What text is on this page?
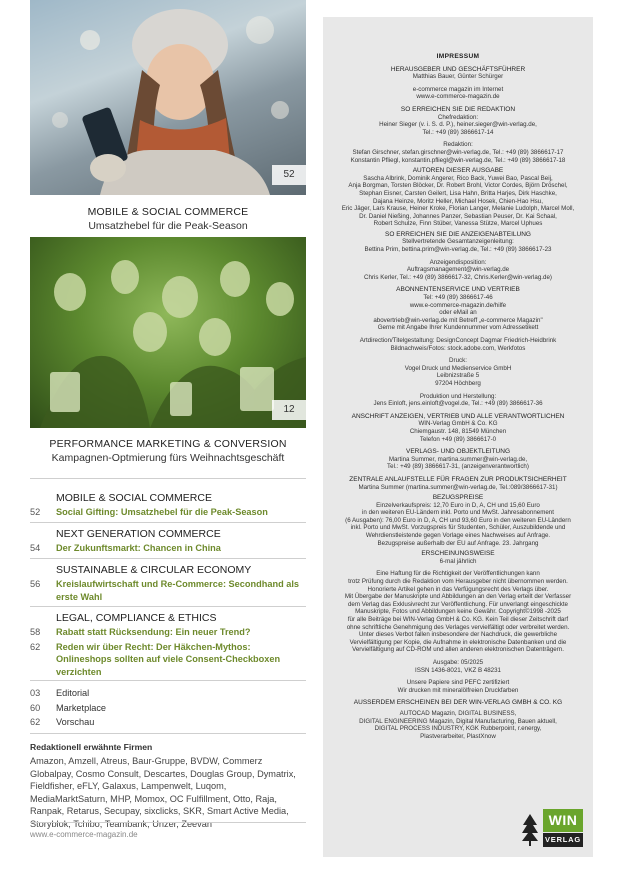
52
MOBILE & SOCIAL COMMERCE
Umsatzhebel für die Peak-Season
12
PERFORMANCE MARKETING & CONVERSION
Kampagnen-Optmierung fürs Weihnachtsgeschäft
MOBILE & SOCIAL COMMERCE
52	Social Gifting: Umsatzhebel für die Peak-Season
NEXT GENERATION COMMERCE
54	Der Zukunftsmarkt: Chancen in China
SUSTAINABLE & CIRCULAR ECONOMY
56	Kreislaufwirtschaft und Re-Commerce: Secondhand als erste Wahl
LEGAL, COMPLIANCE & ETHICS
58	Rabatt statt Rücksendung: Ein neuer Trend?
62	Reden wir über Recht: Der Häkchen-Mythos: Onlineshops sollten auf viele Consent-Checkboxen verzichten
03	Editorial
60	Marketplace
62	Vorschau
Redaktionell erwähnte Firmen
Amazon, Amzell, Atreus, Baur-Gruppe, BVDW, Commerz Globalpay, Cosmo Consult, Descartes, Douglas Group, Dymatrix, Fieldfisher, eFLY, Galaxus, Lampenwelt, Luqom, MediaMarktSaturn, MHP, Momox, OC Fulfillment, Otto, Raja, Ranpak, Retarus, Secupay, sixclicks, SKR, Smart Active Media, Storyblok, Tchibo, Teambank, Unzer, Zeevan
www.e-commerce-magazin.de
IMPRESSUM
HERAUSGEBER UND GESCHÄFTSFÜHRER
Matthias Bauer, Günter Schürger
e-commerce magazin im Internet
www.e-commerce-magazin.de
SO ERREICHEN SIE DIE REDAKTION
Chefredaktion:
Heiner Sieger (v. i. S. d. P.), heiner.sieger@win-verlag.de,
Tel.: +49 (89) 3866617-14
Redaktion:
Stefan Girschner, stefan.girschner@win-verlag.de, Tel.: +49 (89) 3866617-17
Konstantin Pfliegl, konstantin.pfliegl@win-verlag.de, Tel.: +49 (89) 3866617-18
AUTOREN DIESER AUSGABE
Sascha Albrink, Dominik Angerer, Rico Back, Yuwei Bao, Pascal Beij,
Anja Borgman, Torsten Blöcker, Dr. Robert Brohl, Victor Cordes, Björn Dröschel,
Stephan Eisner, Carsten Geilert, Lisa Hahn, Britta Harjes, Dirk Haschke,
Dajana Heinze, Moritz Heller, Michael Hosek, Chien-Hao Hsu,
Eric Jäger, Lars Krause, Heiner Kroke, Florian Langer, Melanie Ludolph, Marcel Moll,
Dr. Daniel Nießing, Johannes Panzer, Sebastian Peuser, Dr. Kai Schaal,
Robert Schulze, Finn Stüber, Vanessa Stütze, Marcel Uphues
SO ERREICHEN SIE DIE ANZEIGENABTEILUNG
Stellvertretende Gesamtanzeigenleitung:
Bettina Prim, bettina.prim@win-verlag.de, Tel.: +49 (89) 3866617-23
Anzeigendisposition:
Auftragsmanagement@win-verlag.de
Chris Kerler, Tel.: +49 (89) 3866617-32, Chris.Kerler@win-verlag.de)
ABONNENTENSERVICE UND VERTRIEB
Tel: +49 (89) 3866617-46
www.e-commerce-magazin.de/hilfe
oder eMail an
abovertrieb@win-verlag.de mit Betreff „e-commerce Magazin"
Gerne mit Angabe Ihrer Kundennummer vom Adressetikett
Artdirection/Titelgestaltung: DesignConcept Dagmar Friedrich-Heidbrink
Bildnachweis/Fotos: stock.adobe.com, Werkfotos
Druck:
Vogel Druck und Medienservice GmbH
Leibnizstraße 5
97204 Höchberg
Produktion und Herstellung:
Jens Einloft, jens.einloft@vogel.de, Tel.: +49 (89) 3866617-36
ANSCHRIFT ANZEIGEN, VERTRIEB UND ALLE VERANTWORTLICHEN
WIN-Verlag GmbH & Co. KG
Chiemgaustr. 148, 81549 München
Telefon +49 (89) 3866617-0
VERLAGS- UND OBJEKTLEITUNG
Martina Summer, martina.summer@win-verlag.de,
Tel.: +49 (89) 3866617-31, (anzeigenverantwortlich)
ZENTRALE ANLAUFSTELLE FÜR FRAGEN ZUR PRODUKTSICHERHEIT
Martina Summer (martina.summer@win-verlag.de, Tel.:089/3866617-31)
BEZUGSPREISE
Einzelverkaufspreis: 12,70 Euro in D, A, CH und 15,60 Euro
in den weiteren EU-Ländern inkl. Porto und MwSt. Jahresabonnement
(6 Ausgaben): 76,00 Euro in D, A, CH und 93,60 Euro in den weiteren EU-Ländern
inkl. Porto und MwSt. Vorzugspreis für Studenten, Schüler, Auszubildende und
Wehrdienstleistende gegen Vorlage eines Nachweises auf Anfrage.
Bezugspreise außerhalb der EU auf Anfrage. 23. Jahrgang
ERSCHEINUNGSWEISE
6-mal jährlich
Eine Haftung für die Richtigkeit der Veröffentlichungen kann
trotz Prüfung durch die Redaktion vom Herausgeber nicht übernommen werden.
Honorierte Artikel gehen in das Verfügungsrecht des Verlags über.
Mit Übergabe der Manuskripte und Abbildungen an den Verlag erteilt der Verfasser
dem Verlag das Exklusivrecht zur Veröffentlichung. Für unverlangt eingeschickte
Manuskripte, Fotos und Abbildungen keine Gewähr. Copyright©1998 -2025
für alle Beiträge bei WIN-Verlag GmbH & Co. KG. Kein Teil dieser Zeitschrift darf
ohne schriftliche Genehmigung des Verlages vervielfältigt oder verbreitet werden.
Unter dieses Verbot fallen insbesondere der Nachdruck, die gewerbliche
Vervielfältigung per Kopie, die Aufnahme in elektronische Datenbanken und die
Vervielfältigung auf CD-ROM und allen anderen elektronischen Datenträgern.
Ausgabe: 05/2025
ISSN 1436-8021, VKZ B 48231
Unsere Papiere sind PEFC zertifiziert
Wir drucken mit mineralölfreien Druckfarben
AUSSERDEM ERSCHEINEN BEI DER WIN-VERLAG GMBH & CO. KG
AUTOCAD Magazin, DIGITAL BUSINESS,
DIGITAL ENGINEERING Magazin, Digital Manufacturing, Bauen aktuell,
DIGITAL PROCESS INDUSTRY, KGK Rubberpoint, r.energy,
Plastverarbeiter, PlastXnow
WIN
VERLAG
